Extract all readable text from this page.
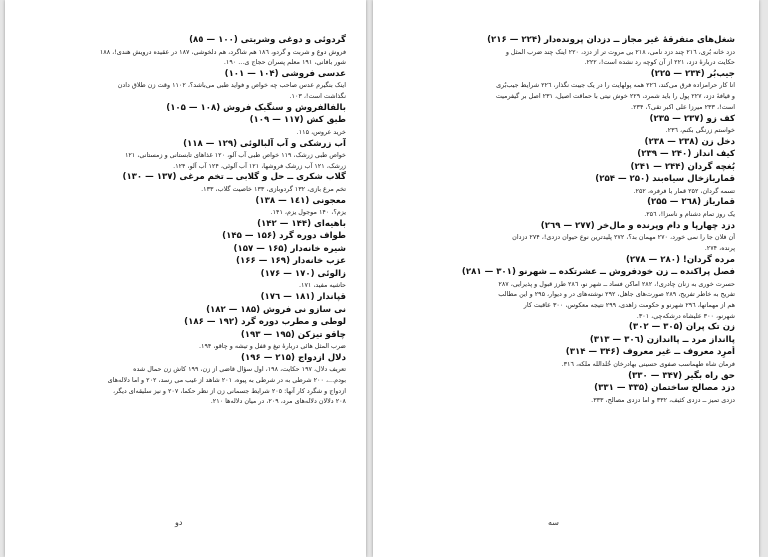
گردوئی و دوغی وشربتی (١٠٠ — ٨٥)
فروش دوغ و شربت و گردو، ١٨٦ هم شاگرد، هم دلخوشی، ١٨٧ در عقیده درویش هندی!، ١٨٨
شور بافانی، ١٩١ معلم پسران حجاج ی... ١٩۰.
عدسی فروشی (١٠۴ — ١٠١)
اینک بنگیرم عدس صاحب چه خواص و فواید طبی می‌باشد؟، ١١٠٢ وقت زن طلاق دادن
نگذاشت است!، ١٠٣.
بالفالفروش و سنگبک فروش (١٠٨ — ١٠۵)
طبق کش (١١٧ — ١٠٩)
خرید عروس، ١١۵.
آب زرشکی و آب آلبالوئی (١٢٩ — ١١٨)
خواص طبی زرشک، ١١٩ خواص طبی آب آلو، ١٢٠ غذاهای تابستانی و زمستانی، ١٢١
زرشک، ١٢١ آب زرشک فروشها، ١٢١ آب آلوئی، ١٢۴ آب آلو، ١٢۴.
گلاب شکری ــ حل و گلابی ــ تخم مرغی (١٣٧ — ١٣٠)
تخم مرغ بازی، ١٣٢ گردوبازی، ١٣٣ خاصیت گلاب، ١٣٣.
معجونی (١٤١ — ١٣٨)
یزم؟، ١۴٠ موجول یزم، ١۴١.
باهیه‌ای (١۴۴ — ١۴٢)
طواف دوره گرد (١۵۶ — ١۴۵)
شیره خانه‌دار (١۶۵ — ١۵٧)
عزب خانه‌دار (١۶٩ — ١۶۶)
زالوئی (١٧٠ — ١٧۶)
حاشیه مفید، ١٧١.
قپاندار (١٨١ — ١٧٦)
نی سازو نی فروش (١٨۵ — ١٨٢)
لوطی و مطرب دوره گرد (١٩٢ — ١٨۶)
چاقو تیزکن (١٩۵ — ١٩٣)
ضرب المثل هائی دربارۀ تیغ و قفل و تیشه و چاقو، ١٩۴.
دلال ازدواج (٢١۵ — ١٩۶)
تعریف دلال، ١٩٧ حکایت، ١٩٨، اول سؤال قاضی از زن، ١٩٩ کاش زن حمال شده
بودم...، ٢٠٠ شرطی به در شرطی به پیوه، ٢٠١ شاهد از غیب می رسد، ٢٠٢ و اما دلاله‌های
ازدواج و شگرد کار آنها: ٢٠٥ شرایط جسمانی زن از نظر حکما، ٢٠٧ و نیز سلیقه‌ای دیگر،
٢٠٨ دلالان دلاله‌های مرد، ٢٠٩، در میان دلاله‌ها ٢١٠.
دو
شغل‌های متفرقۀ غیر مجاز ــ دزدان پرونده‌دار (٢٢۴ — ٢١۶)
دزد خانه بُری، ٢١٦ چند دزد نامی، ٢١٨ بی مروت تر از دزد، ٢٢٠ اینک چند ضرب المثل و
حکایت دربارۀ دزد، ٢٢١ از آن کوچه رد نشده است!، ٢٢٢.
جیب‌بُر (٢٣۴ — ٢٢۵)
انا کار حرامزاده فرق می‌کند، ٢٢٦ همه پولهایت را در یک جیبت نگذار، ٢٢٦ شرایط جیب‌بُری
و قیافۀ دزد، ٢٢٧ پول را باید شمرد، ٢٢٩ خوش نیتی با حماقت اصیل، ٢٣١ اصل بر گیفرمیت
است!، ٢٣٣ میرزا علی اکبر تقی؟، ٢٣۴.
کف زو (٢٣٧ — ٢٣۵)
خواستم زرنگی بکنم، ٢٣٦.
دخل زن (٢٣٨ — ٢٣٨)
کیف انداز (٢۴٠ — ٢٣٩)
بُغچه گردان (٢۴۴ — ٢۴١)
قماربازخال سیاه‌بند (٢۵٠ — ٢۵۴)
تسمه گردان، ٢۵٢ قمار با فرفره، ٢۵٢.
قمارباز (٢٦٨ — ٢۵۵)
یک روز تمام دشنام و ناسزا!، ٢۵٦.
دزد چهارپا و دام وپرنده و مال‌خر (٢٧٧ — ٢٦٩)
آن فلان جا را نمی خورد، ٢٧٠ مهمان بد؟، ٢٧٢ پلیدترین نوع حیوان دزدی!، ٢٧۴ دزدان
پرنده، ٢٧۴.
مرده گردان! (٢٨٠ — ٢٧٨)
فصل پراکنده ــ زن خودفروش ــ عشرتکده ــ شهرنو (٣٠١ — ٢٨١)
حسرت خوری به زنان چادری!، ٢٨٢ اماکن فساد ــ شهر نو، ٢٨٦ طرز قبول و پذیرایی، ٢٨٧
تفریح به خاطر تفریح، ٢٨٩ صورت‌های جاهل، ٢٩٢ نوشته‌های در و دیوار، ٢٩۵ و این مطالب
هم از مهمانها، ٢٩٦ شهرنو و حکومت زاهدی، ٢٩٩ نتیجه معکوس، ٣٠٠ عاقبت کار
شهرنو، ٣٠٠ علیشاه درشکه‌چی، ٣٠١.
زن تک پران (٣٠۵ — ٣٠٢)
پاانداز مرد ــ پااندازن (٣٠٦ — ٣١٣)
اُمرِد معروف ــ غیر معروف (٣۴۶ — ٣١۴)
فرمان شاه طهماسب صفوی حسینی بهادرخان خُلدالله ملکه، ٣١٦.
حق راه بگیر (٣۴٧ — ٣٣٠)
دزد مصالح ساختمان (٣٣۵ — ٣٣١)
دزدی تمیز ــ دزدی کثیف، ٣٣٢ و اما دزدی مصالح، ٣٣٣.
سه
